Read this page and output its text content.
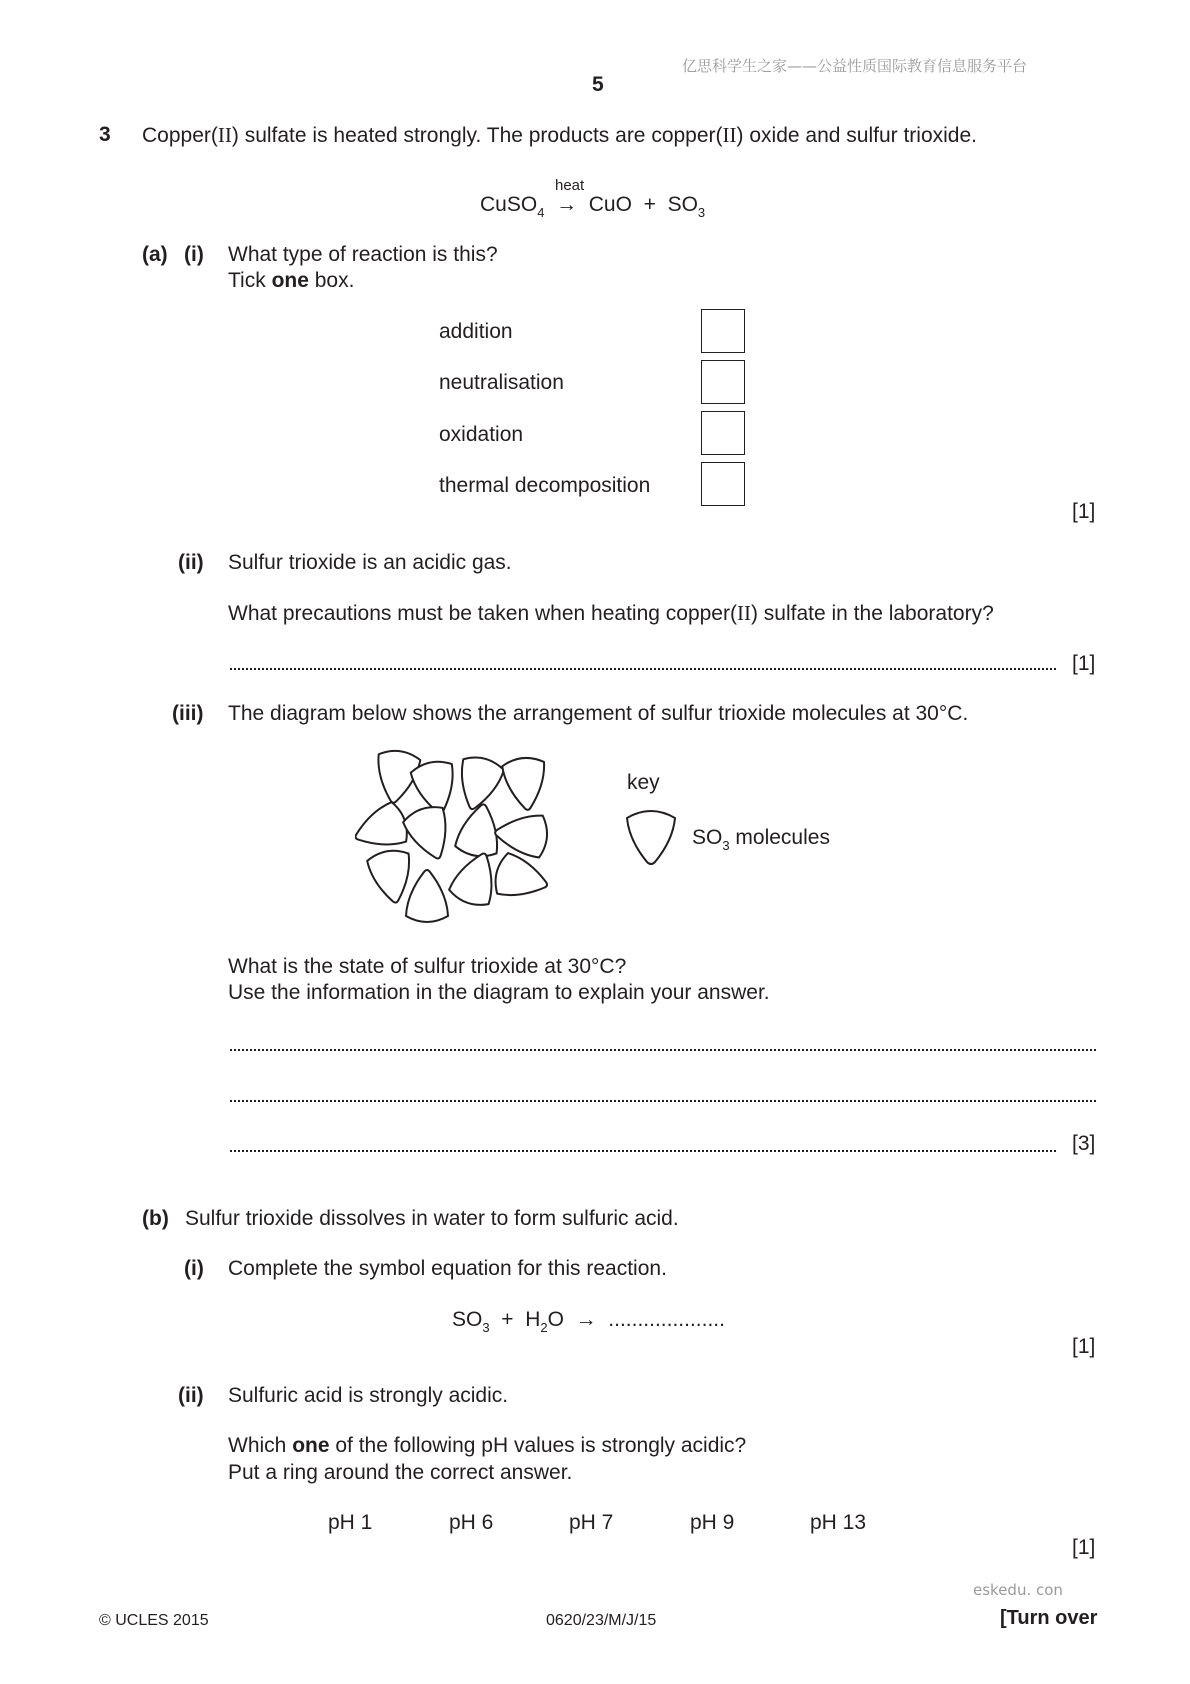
亿思科学生之家——公益性质国际教育信息服务平台
5
3 Copper(II) sulfate is heated strongly. The products are copper(II) oxide and sulfur trioxide.
heat
CuSO$_4$ → CuO + $SO_3$
(a) (i) What type of reaction is this?
Tick one box.
addition
neutralisation
oxidation
thermal decomposition
[1]
(ii) Sulfur trioxide is an acidic gas.
What precautions must be taken when heating copper(II) sulfate in the laboratory?
[1]
(iii) The diagram below shows the arrangement of sulfur trioxide molecules at 30°C.
key
$SO_3$ molecules
What is the state of sulfur trioxide at 30°C?
Use the information in the diagram to explain your answer.
[3]
(b) Sulfur trioxide dissolves in water to form sulfuric acid.
(i) Complete the symbol equation for this reaction.
$SO_3 + H_2O$ → ....................
[1]
(ii) Sulfuric acid is strongly acidic.
Which one of the following pH values is strongly acidic?
Put a ring around the correct answer.
pH 1	pH 6	pH 7	pH 9	pH 13
[1]
eskedu. con
© UCLES 2015	0620/23/M/J/15	[Turn over
